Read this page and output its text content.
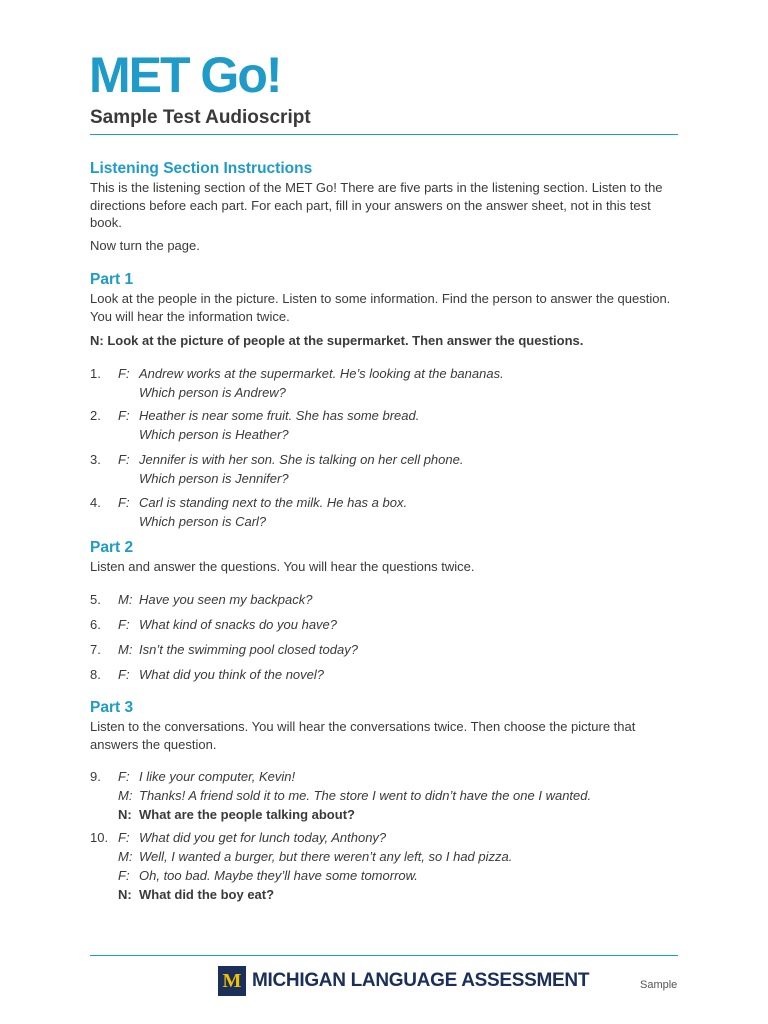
MET Go!
Sample Test Audioscript
Listening Section Instructions
This is the listening section of the MET Go! There are five parts in the listening section. Listen to the directions before each part. For each part, fill in your answers on the answer sheet, not in this test book.
Now turn the page.
Part 1
Look at the people in the picture. Listen to some information. Find the person to answer the question. You will hear the information twice.
N: Look at the picture of people at the supermarket. Then answer the questions.
1. F: Andrew works at the supermarket. He’s looking at the bananas.
Which person is Andrew?
2. F: Heather is near some fruit. She has some bread.
Which person is Heather?
3. F: Jennifer is with her son. She is talking on her cell phone.
Which person is Jennifer?
4. F: Carl is standing next to the milk. He has a box.
Which person is Carl?
Part 2
Listen and answer the questions. You will hear the questions twice.
5. M: Have you seen my backpack?
6. F: What kind of snacks do you have?
7. M: Isn’t the swimming pool closed today?
8. F: What did you think of the novel?
Part 3
Listen to the conversations. You will hear the conversations twice. Then choose the picture that answers the question.
9. F: I like your computer, Kevin!
M: Thanks! A friend sold it to me. The store I went to didn’t have the one I wanted.
N: What are the people talking about?
10. F: What did you get for lunch today, Anthony?
M: Well, I wanted a burger, but there weren’t any left, so I had pizza.
F: Oh, too bad. Maybe they’ll have some tomorrow.
N: What did the boy eat?
M MICHIGAN LANGUAGE ASSESSMENT	Sample
